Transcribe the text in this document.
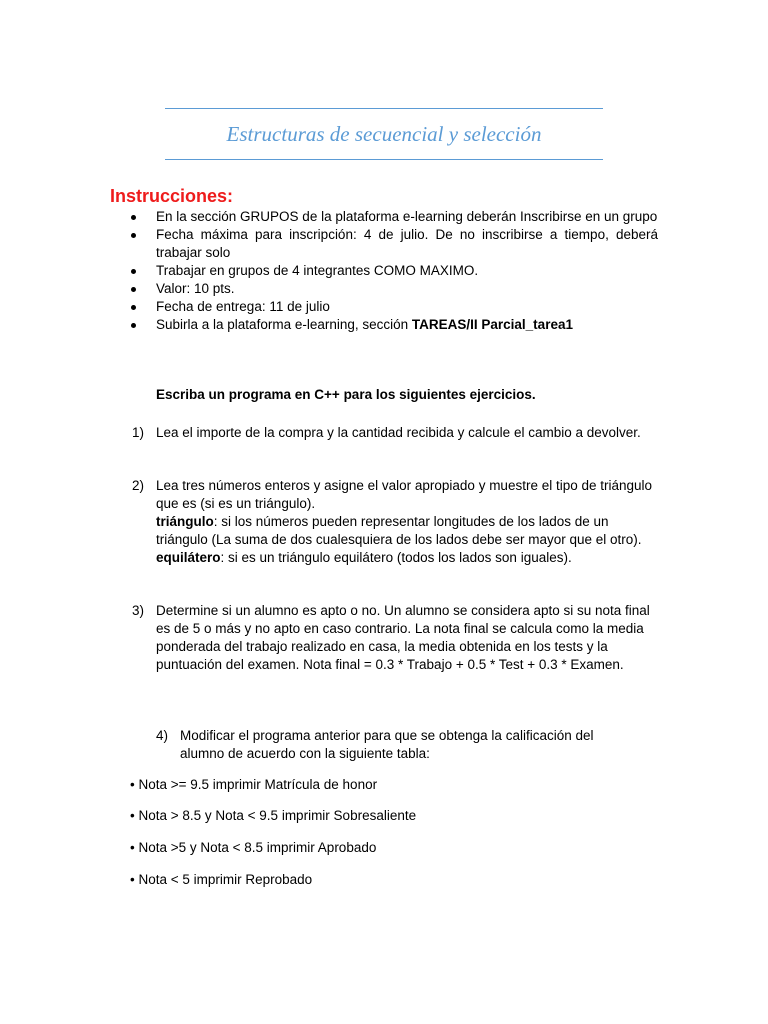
Estructuras de secuencial y selección
Instrucciones:
En la sección GRUPOS de la plataforma e-learning deberán Inscribirse en un grupo
Fecha máxima para inscripción: 4 de julio. De no inscribirse a tiempo, deberá trabajar solo
Trabajar en grupos de 4 integrantes COMO MAXIMO.
Valor: 10 pts.
Fecha de entrega: 11 de julio
Subirla a la plataforma e-learning, sección TAREAS/II Parcial_tarea1
Escriba un programa en C++ para los siguientes ejercicios.
1) Lea el importe de la compra y la cantidad recibida y calcule el cambio a devolver.
2) Lea tres números enteros y asigne el valor apropiado y muestre el tipo de triángulo que es (si es un triángulo).
triángulo: si los números pueden representar longitudes de los lados de un triángulo (La suma de dos cualesquiera de los lados debe ser mayor que el otro).
equilátero: si es un triángulo equilátero (todos los lados son iguales).
3) Determine si un alumno es apto o no. Un alumno se considera apto si su nota final es de 5 o más y no apto en caso contrario. La nota final se calcula como la media ponderada del trabajo realizado en casa, la media obtenida en los tests y la puntuación del examen. Nota final = 0.3 * Trabajo + 0.5 * Test + 0.3 * Examen.
4) Modificar el programa anterior para que se obtenga la calificación del alumno de acuerdo con la siguiente tabla:
• Nota >= 9.5 imprimir Matrícula de honor
• Nota > 8.5 y Nota < 9.5 imprimir Sobresaliente
• Nota >5 y Nota < 8.5 imprimir Aprobado
• Nota < 5 imprimir Reprobado
